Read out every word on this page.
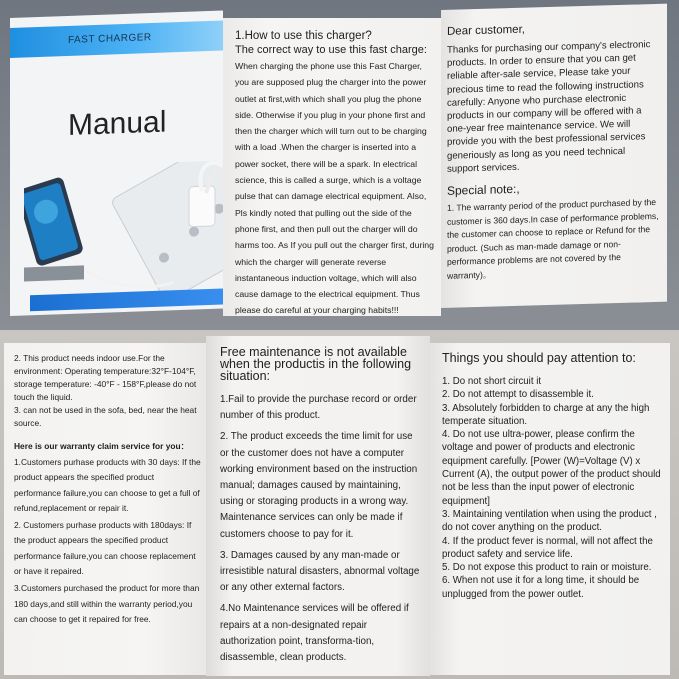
FAST CHARGER
Manual
1.How to use this charger?
The correct way to use this fast charge:
When charging the phone use this Fast Charger, you are supposed plug the charger into the power outlet at first,with which shall you plug the phone side. Otherwise if you plug in your phone first and then the charger which will turn out to be charging with a load .When the charger is inserted into a power socket, there will be a spark. In electrical science, this is called a surge, which is a voltage pulse that can damage electrical equipment. Also, Pls kindly noted that pulling out the side of the phone first, and then pull out the charger will do harms too. As If you pull out the charger first, during which the charger will generate reverse instantaneous induction voltage, which will also cause damage to the electrical equipment. Thus please do careful at your charging habits!!!
Dear customer,
Thanks for purchasing our company's electronic products. In order to ensure that you can get reliable after-sale service, Please take your precious time to read the following instructions carefully: Anyone who purchase electronic products in our company will be offered with a one-year free maintenance service. We will provide you with the best professional services generiously as long as you need technical support services.
Special note:,
1. The warranty period of the product purchased by the customer is 360 days.In case of performance problems, the customer can choose to replace or Refund for the product. (Such as man-made damage or non-performance problems are not covered by the warranty)。
2. This product needs indoor use.For the environment: Operating temperature:32°F-104°F, storage temperature: -40°F - 158°F,please do not touch the liquid.
3. can not be used in the sofa, bed, near the heat source.
Here is our warranty claim service for you：
1.Customers purhase products with 30 days: If the product appears the specified product performance failure,you can choose to get a full of refund,replacement or repair it.
2. Customers purhase products with 180days: If the product appears the specified product performance failure,you can choose replacement or have it repaired.
3.Customers purchased the product for more than 180 days,and still within the warranty period,you can choose to get it repaired for free.
Free maintenance is not available when the productis in the following situation:
1.Fail to provide the purchase record or order number of this product.
2. The product exceeds the time limit for use or the customer does not have a computer working environment based on the instruction manual; damages caused by maintaining, using or storaging products in a wrong way. Maintenance services can only be made if customers choose to pay for it.
3. Damages caused by any man-made or irresistible natural disasters, abnormal voltage or any other external factors.
4.No Maintenance services will be offered if repairs at a non-designated repair authorization point, transforma-tion, disassemble, clean products.
Things you should pay attention to:
1. Do not short circuit it
2. Do not attempt to disassemble it.
3. Absolutely forbidden to charge at any the high temperate situation.
4. Do not use ultra-power, please confirm the voltage and power of products and electronic equipment carefully. [Power (W)=Voltage (V) x Current (A), the output power of the product should not be less than the input power of electronic equipment]
3. Maintaining ventilation when using the product , do not cover anything on the product.
4. If the product fever is normal, will not affect the product safety and service life.
5. Do not expose this product to rain or moisture.
6. When not use it for a long time, it should be unplugged from the power outlet.
